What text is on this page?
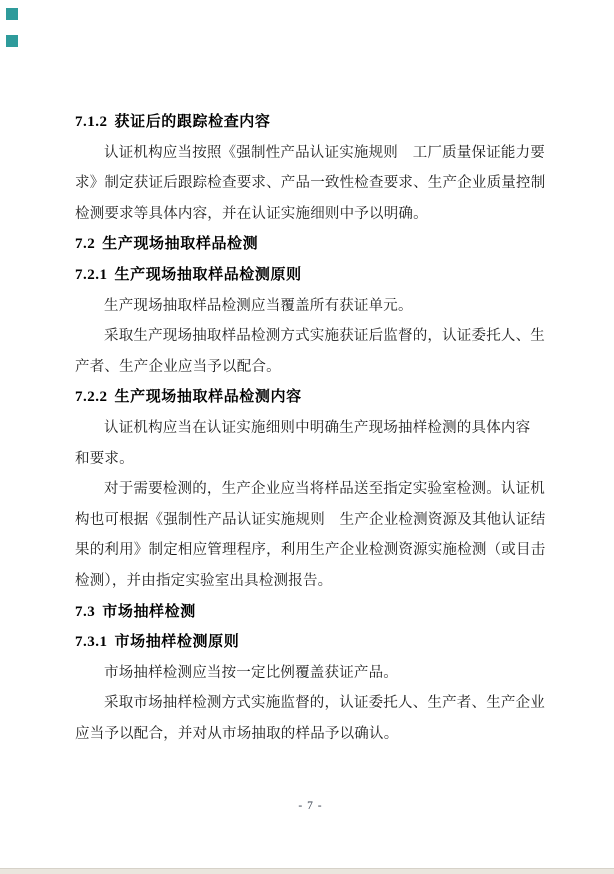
7.1.2 获证后的跟踪检查内容
认证机构应当按照《强制性产品认证实施规则　工厂质量保证能力要
求》制定获证后跟踪检查要求、产品一致性检查要求、生产企业质量控制
检测要求等具体内容，并在认证实施细则中予以明确。
7.2 生产现场抽取样品检测
7.2.1 生产现场抽取样品检测原则
生产现场抽取样品检测应当覆盖所有获证单元。
采取生产现场抽取样品检测方式实施获证后监督的，认证委托人、生
产者、生产企业应当予以配合。
7.2.2 生产现场抽取样品检测内容
认证机构应当在认证实施细则中明确生产现场抽样检测的具体内容
和要求。
对于需要检测的，生产企业应当将样品送至指定实验室检测。认证机
构也可根据《强制性产品认证实施规则　生产企业检测资源及其他认证结
果的利用》制定相应管理程序，利用生产企业检测资源实施检测（或目击
检测），并由指定实验室出具检测报告。
7.3 市场抽样检测
7.3.1 市场抽样检测原则
市场抽样检测应当按一定比例覆盖获证产品。
采取市场抽样检测方式实施监督的，认证委托人、生产者、生产企业
应当予以配合，并对从市场抽取的样品予以确认。
- 7 -
